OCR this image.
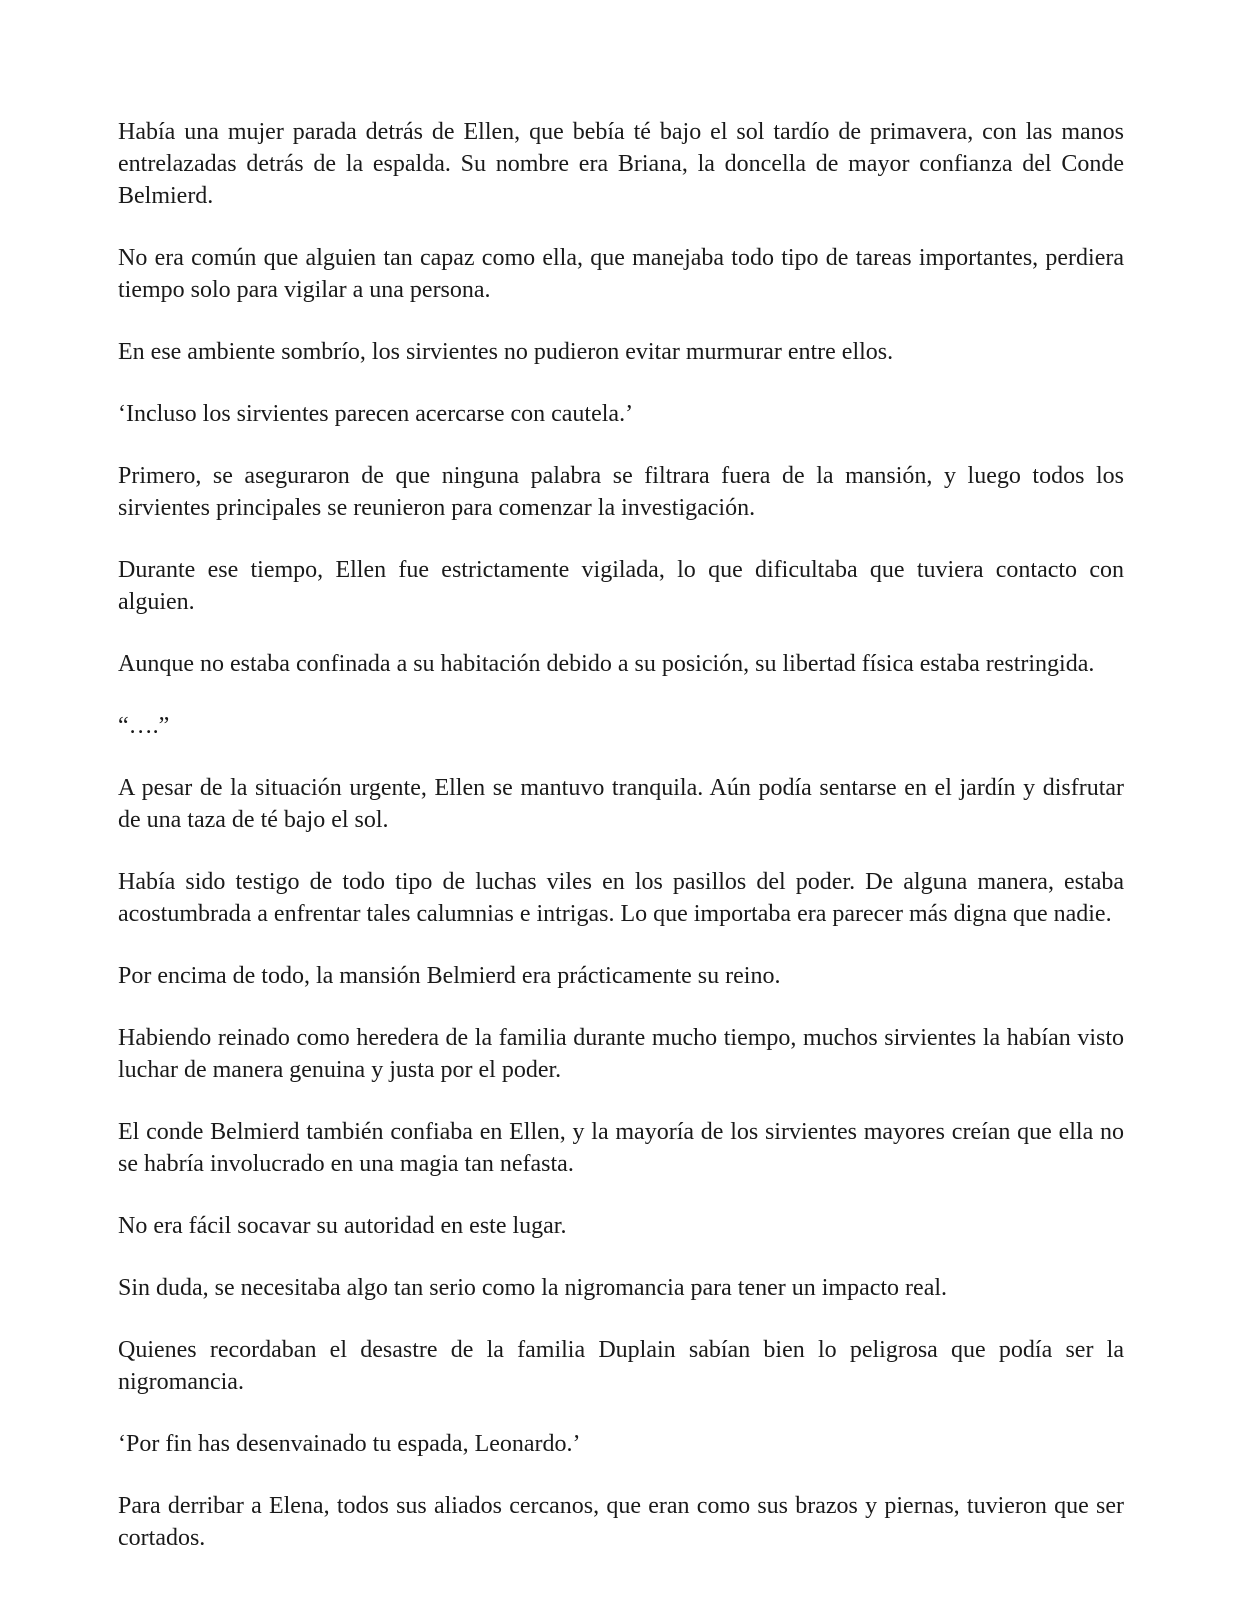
Había una mujer parada detrás de Ellen, que bebía té bajo el sol tardío de primavera, con las manos entrelazadas detrás de la espalda. Su nombre era Briana, la doncella de mayor confianza del Conde Belmierd.

No era común que alguien tan capaz como ella, que manejaba todo tipo de tareas importantes, perdiera tiempo solo para vigilar a una persona.

En ese ambiente sombrío, los sirvientes no pudieron evitar murmurar entre ellos.

‘Incluso los sirvientes parecen acercarse con cautela.’

Primero, se aseguraron de que ninguna palabra se filtrara fuera de la mansión, y luego todos los sirvientes principales se reunieron para comenzar la investigación.

Durante ese tiempo, Ellen fue estrictamente vigilada, lo que dificultaba que tuviera contacto con alguien.

Aunque no estaba confinada a su habitación debido a su posición, su libertad física estaba restringida.

“….”

A pesar de la situación urgente, Ellen se mantuvo tranquila. Aún podía sentarse en el jardín y disfrutar de una taza de té bajo el sol.

Había sido testigo de todo tipo de luchas viles en los pasillos del poder. De alguna manera, estaba acostumbrada a enfrentar tales calumnias e intrigas. Lo que importaba era parecer más digna que nadie.

Por encima de todo, la mansión Belmierd era prácticamente su reino.

Habiendo reinado como heredera de la familia durante mucho tiempo, muchos sirvientes la habían visto luchar de manera genuina y justa por el poder.

El conde Belmierd también confiaba en Ellen, y la mayoría de los sirvientes mayores creían que ella no se habría involucrado en una magia tan nefasta.

No era fácil socavar su autoridad en este lugar.

Sin duda, se necesitaba algo tan serio como la nigromancia para tener un impacto real.

Quienes recordaban el desastre de la familia Duplain sabían bien lo peligrosa que podía ser la nigromancia.

‘Por fin has desenvainado tu espada, Leonardo.’

Para derribar a Elena, todos sus aliados cercanos, que eran como sus brazos y piernas, tuvieron que ser cortados.
